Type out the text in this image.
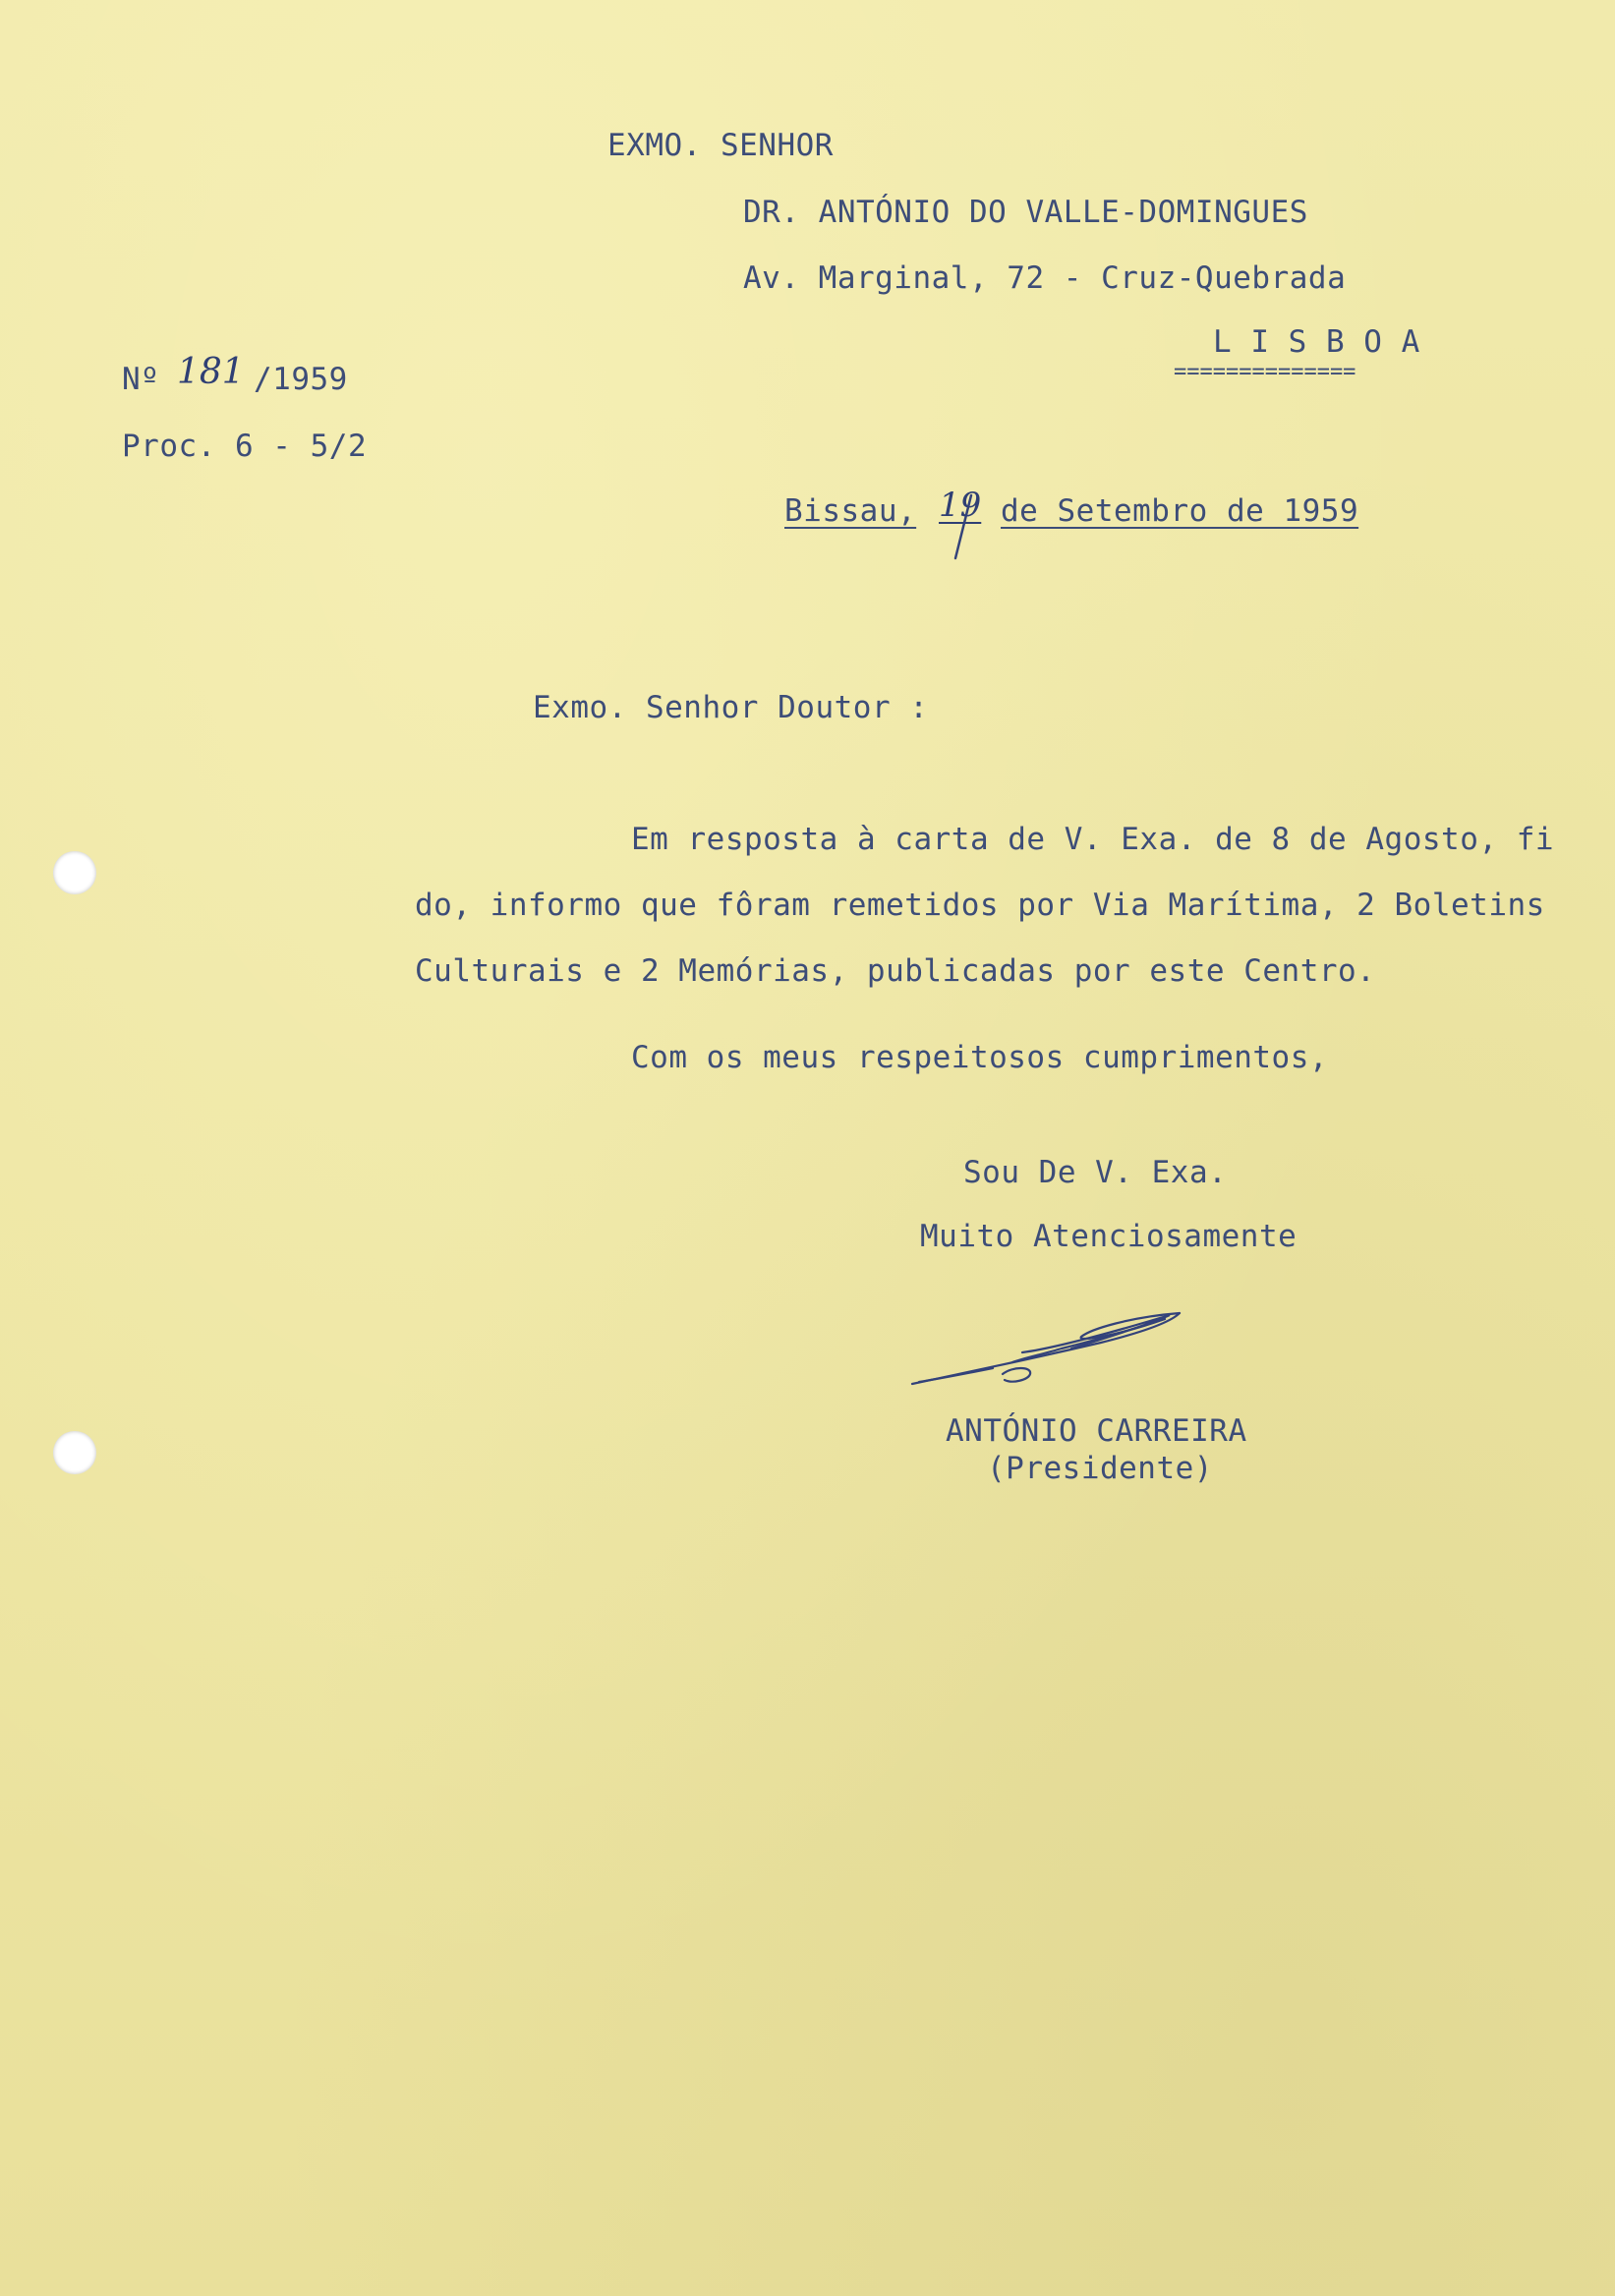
EXMO. SENHOR
DR. ANTÓNIO DO VALLE-DOMINGUES
Av. Marginal, 72 - Cruz-Quebrada
L I S B O A
==============
Nº 181 /1959
Proc. 6 - 5/2
Bissau, 19 de Setembro de 1959
Exmo. Senhor Doutor :
Em resposta à carta de V. Exa. de 8 de Agosto, fi
do, informo que fôram remetidos por Via Marítima, 2 Boletins
Culturais e 2 Memórias, publicadas por este Centro.
Com os meus respeitosos cumprimentos,
Sou De V. Exa.
Muito Atenciosamente
ANTÓNIO CARREIRA
(Presidente)
